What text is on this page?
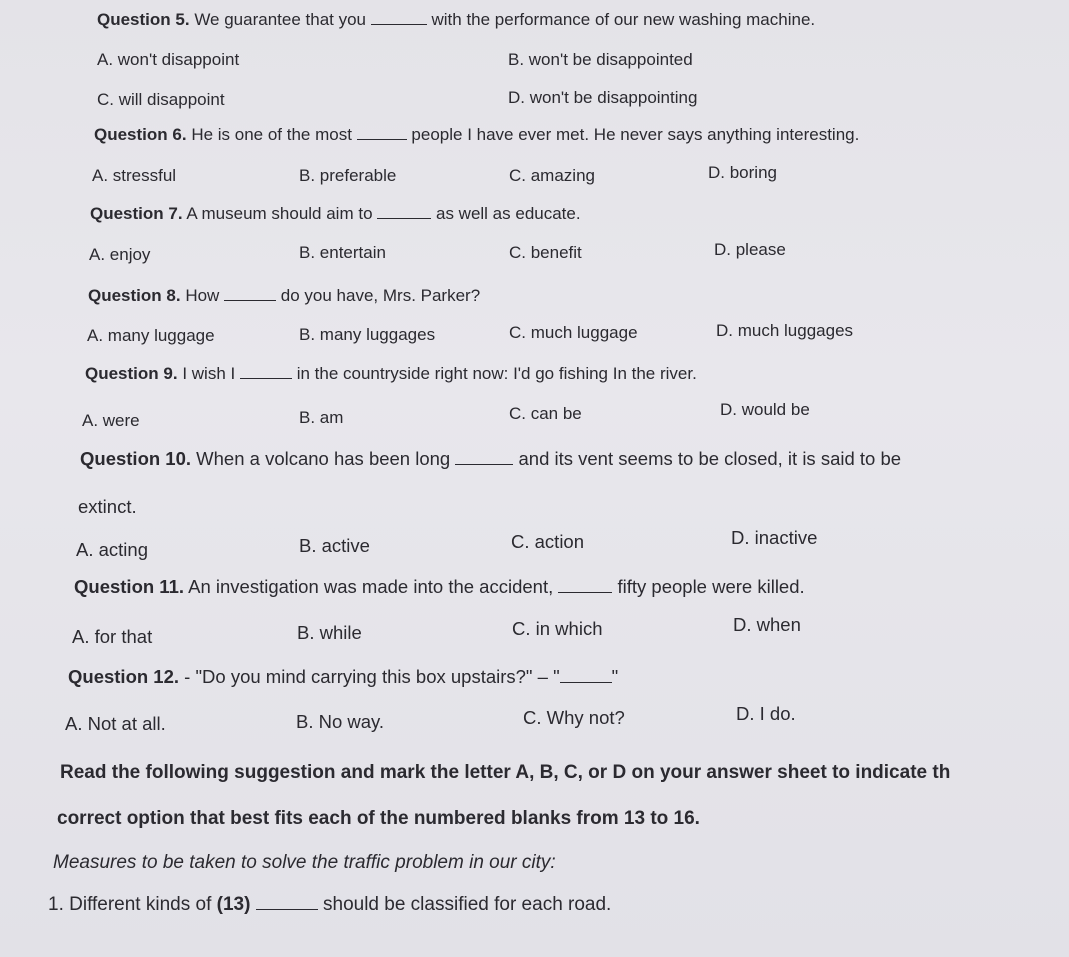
Question 5. We guarantee that you	with the performance of our new washing machine.
A. won't disappoint	B. won't be disappointed
C. will disappoint	D. won't be disappointing
Question 6. He is one of the most	people I have ever met. He never says anything interesting.
A. stressful	B. preferable	C. amazing	D. boring
Question 7. A museum should aim to	as well as educate.
A. enjoy	B. entertain	C. benefit	D. please
Question 8. How	do you have, Mrs. Parker?
A. many luggage	B. many luggages	C. much luggage	D. much luggages
Question 9. I wish I	in the countryside right now: I'd go fishing In the river.
A. were	B. am	C. can be	D. would be
Question 10. When a volcano has been long	and its vent seems to be closed, it is said to be
extinct.
A. acting	B. active	C. action	D. inactive
Question 11. An investigation was made into the accident,	fifty people were killed.
A. for that	B. while	C. in which	D. when
Question 12. - "Do you mind carrying this box upstairs?" – "	"
A. Not at all.	B. No way.	C. Why not?	D. I do.
Read the following suggestion and mark the letter A, B, C, or D on your answer sheet to indicate th
correct option that best fits each of the numbered blanks from 13 to 16.
Measures to be taken to solve the traffic problem in our city:
1. Different kinds of (13)	should be classified for each road.
